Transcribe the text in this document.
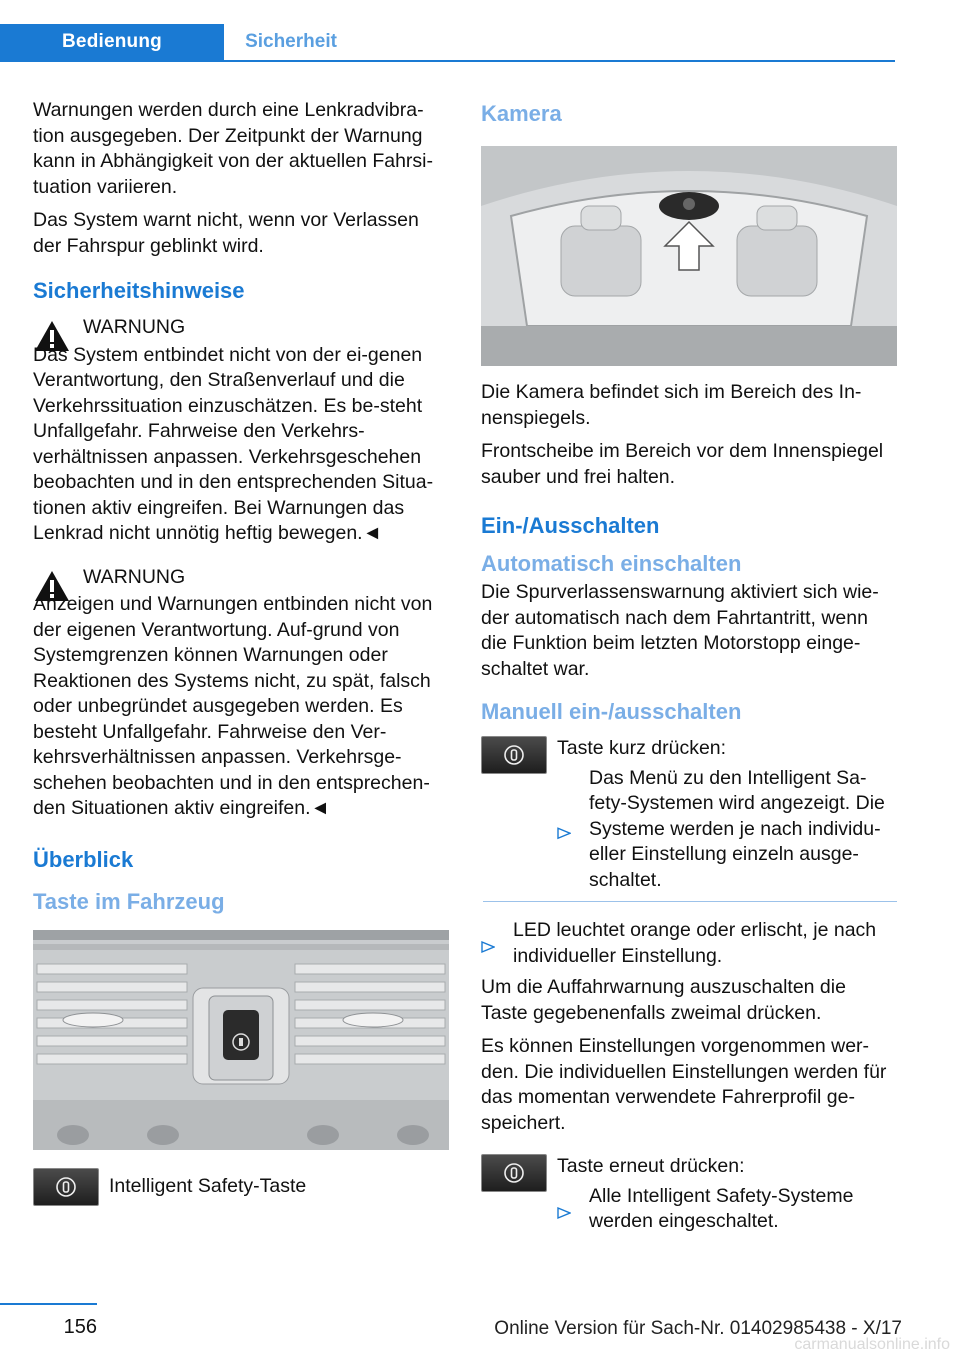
Bedienung	Sicherheit

Warnungen werden durch eine Lenkradvibra-tion ausgegeben. Der Zeitpunkt der Warnung kann in Abhängigkeit von der aktuellen Fahrsi-tuation variieren.

Das System warnt nicht, wenn vor Verlassen der Fahrspur geblinkt wird.

Sicherheitshinweise

WARNUNG

Das System entbindet nicht von der ei-genen Verantwortung, den Straßenverlauf und die Verkehrssituation einzuschätzen. Es be-steht Unfallgefahr. Fahrweise den Verkehrs-verhältnissen anpassen. Verkehrsgeschehen beobachten und in den entsprechenden Situa-tionen aktiv eingreifen. Bei Warnungen das Lenkrad nicht unnötig heftig bewegen.◄

WARNUNG

Anzeigen und Warnungen entbinden nicht von der eigenen Verantwortung. Auf-grund von Systemgrenzen können Warnungen oder Reaktionen des Systems nicht, zu spät, falsch oder unbegründet ausgegeben werden. Es besteht Unfallgefahr. Fahrweise den Ver-kehrsverhältnissen anpassen. Verkehrsge-schehen beobachten und in den entsprechen-den Situationen aktiv eingreifen.◄

Überblick
Taste im Fahrzeug
Intelligent Safety-Taste
Kamera

Die Kamera befindet sich im Bereich des In-nenspiegels.

Frontscheibe im Bereich vor dem Innenspiegel sauber und frei halten.

Ein-/Ausschalten
Automatisch einschalten

Die Spurverlassenswarnung aktiviert sich wie-der automatisch nach dem Fahrtantritt, wenn die Funktion beim letzten Motorstopp einge-schaltet war.

Manuell ein-/ausschalten

Taste kurz drücken:

Das Menü zu den Intelligent Sa-fety-Systemen wird angezeigt. Die Systeme werden je nach individu-eller Einstellung einzeln ausge-schaltet.
LED leuchtet orange oder erlischt, je nach individueller Einstellung.

Um die Auffahrwarnung auszuschalten die Taste gegebenenfalls zweimal drücken.

Es können Einstellungen vorgenommen wer-den. Die individuellen Einstellungen werden für das momentan verwendete Fahrerprofil ge-speichert.

Taste erneut drücken:

Alle Intelligent Safety-Systeme werden eingeschaltet.
156	Online Version für Sach-Nr. 01402985438 - X/17
carmanualsonline.info
